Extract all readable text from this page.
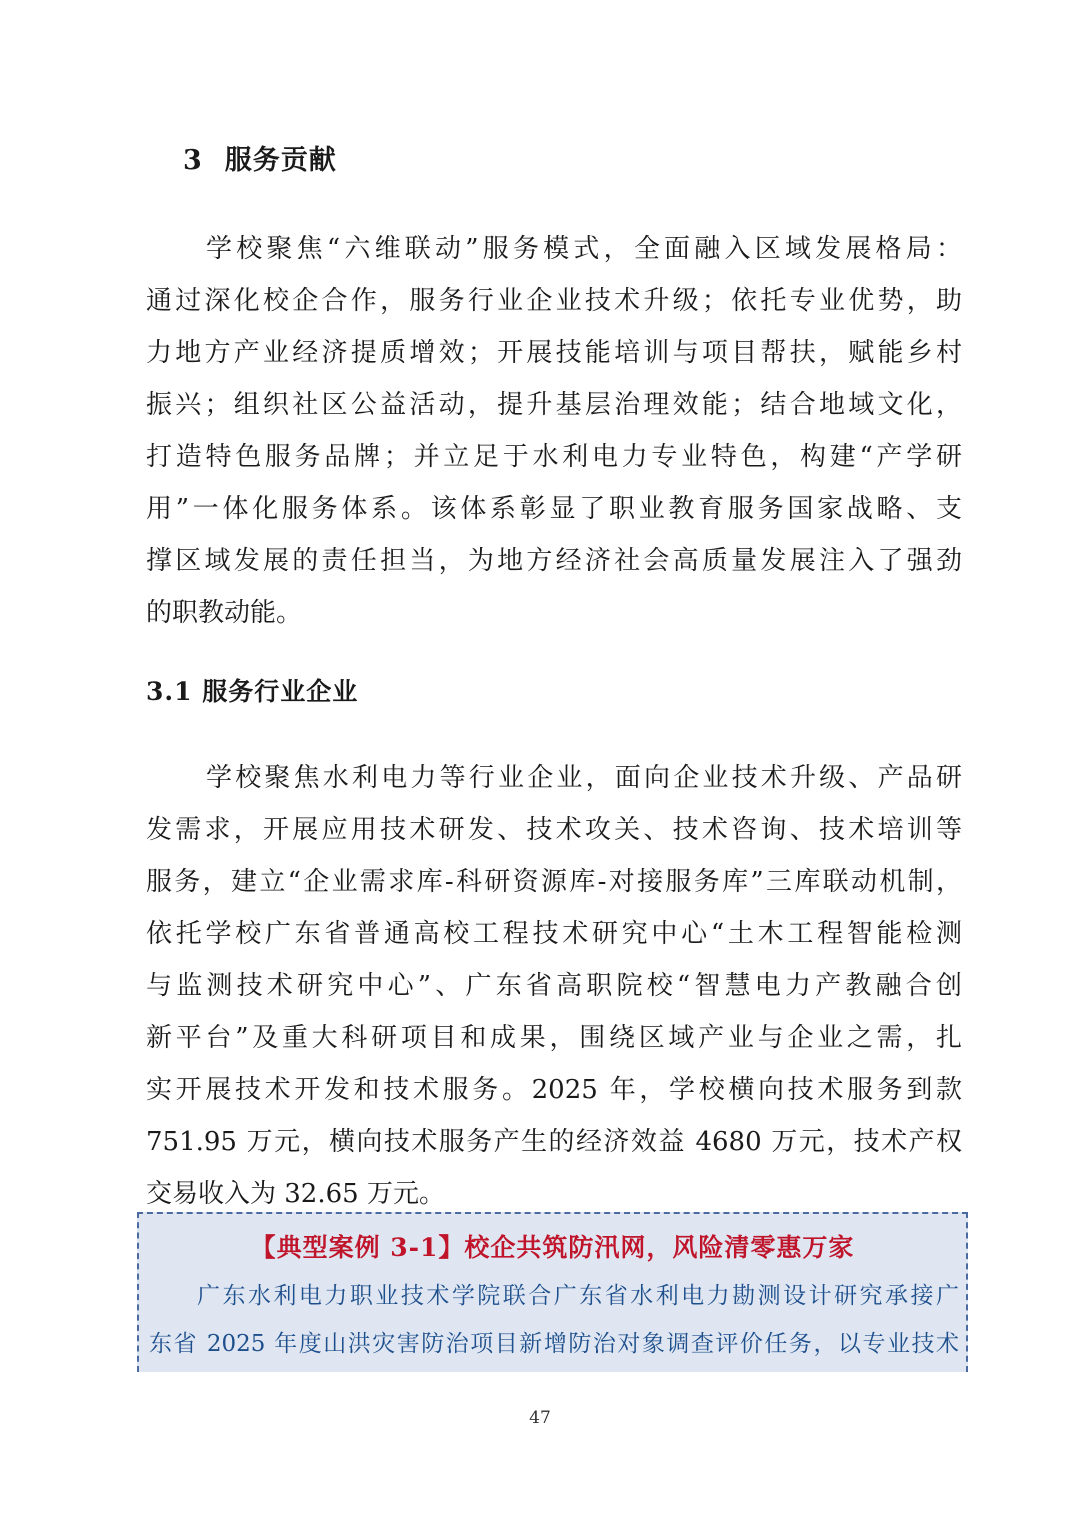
3 服务贡献
学校聚焦“六维联动”服务模式，全面融入区域发展格局：
通过深化校企合作，服务行业企业技术升级；依托专业优势，助
力地方产业经济提质增效；开展技能培训与项目帮扶，赋能乡村
振兴；组织社区公益活动，提升基层治理效能；结合地域文化，
打造特色服务品牌；并立足于水利电力专业特色，构建“产学研
用”一体化服务体系。该体系彰显了职业教育服务国家战略、支
撑区域发展的责任担当，为地方经济社会高质量发展注入了强劲
的职教动能。
3.1 服务行业企业
学校聚焦水利电力等行业企业，面向企业技术升级、产品研
发需求，开展应用技术研发、技术攻关、技术咨询、技术培训等
服务，建立“企业需求库-科研资源库-对接服务库”三库联动机制，
依托学校广东省普通高校工程技术研究中心“土木工程智能检测
与监测技术研究中心”、广东省高职院校“智慧电力产教融合创
新平台”及重大科研项目和成果，围绕区域产业与企业之需，扎
实开展技术开发和技术服务。2025 年，学校横向技术服务到款
751.95 万元，横向技术服务产生的经济效益 4680 万元，技术产权
交易收入为 32.65 万元。
【典型案例 3-1】校企共筑防汛网，风险清零惠万家
广东水利电力职业技术学院联合广东省水利电力勘测设计研究承接广
东省 2025 年度山洪灾害防治项目新增防治对象调查评价任务，以专业技术
47
